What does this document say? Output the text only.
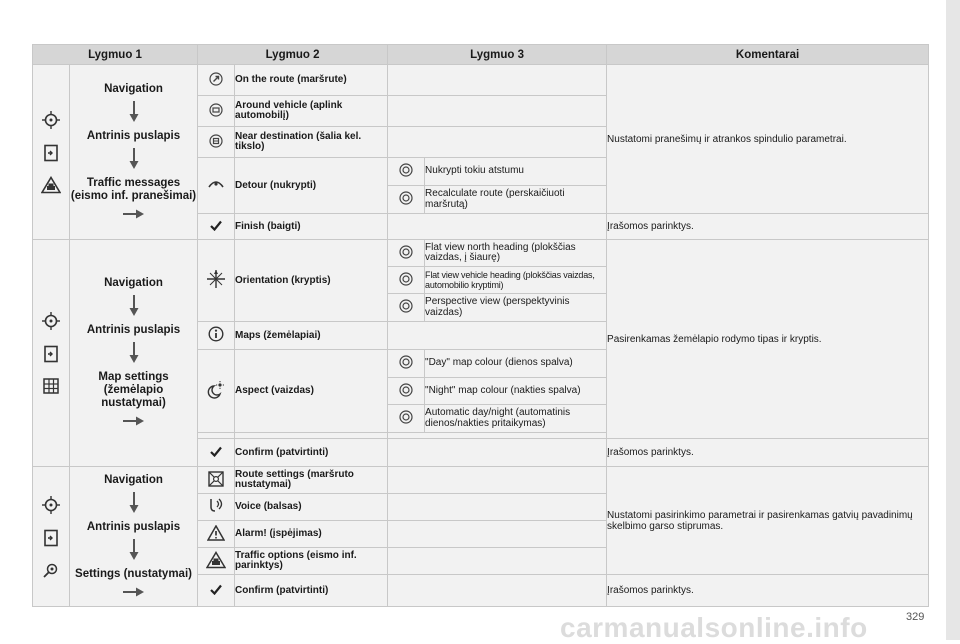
Lygmuo 1		Lygmuo 2		Lygmuo 3		Komentarai

Navigation
Antrinis puslapis
Traffic messages (eismo inf. pranešimai)		On the route (maršrute)			Nustatomi pranešimų ir atrankos spindulio parametrai.
	Around vehicle (aplink automobilį)			
	Near destination (šalia kel. tikslo)			
	Detour (nukrypti)		Nukrypti tokiu atstumu	
	Recalculate route (perskaičiuoti maršrutą)	
	Finish (baigti)			Įrašomos parinktys.

Navigation
Antrinis puslapis
Map settings (žemėlapio nustatymai)		Orientation (kryptis)		Flat view north heading (plokščias vaizdas, į šiaurę)	Pasirenkamas žemėlapio rodymo tipas ir kryptis.
	Flat view vehicle heading (plokščias vaizdas, automobilio kryptimi)	
	Perspective view (perspektyvinis vaizdas)	
	Maps (žemėlapiai)			
	Aspect (vaizdas)		"Day" map colour (dienos spalva)	
	"Night" map colour (nakties spalva)	
	Automatic day/night (automatinis dienos/nakties pritaikymas)	

	Confirm (patvirtinti)			Įrašomos parinktys.

Navigation
Antrinis puslapis
Settings (nustatymai)		Route settings (maršruto nustatymai)			Nustatomi pasirinkimo parametrai ir pasirenkamas gatvių pavadinimų skelbimo garso stiprumas.
	Voice (balsas)			
	Alarm! (įspėjimas)			
	Traffic options (eismo inf. parinktys)			
	Confirm (patvirtinti)			Įrašomos parinktys.
carmanualsonline.info	329
